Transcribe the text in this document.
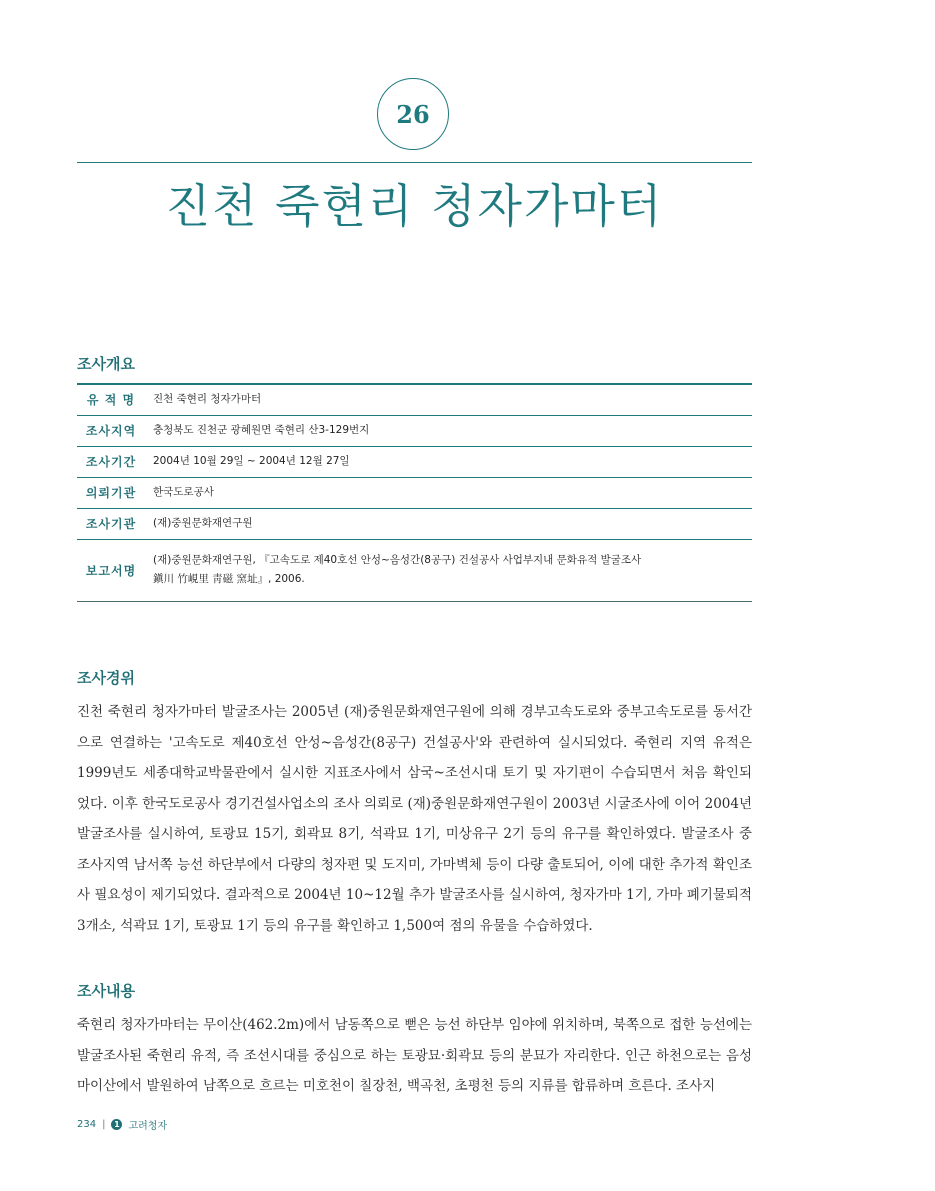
26
진천 죽현리 청자가마터
조사개요
유 적 명	진천 죽현리 청자가마터
조사지역	충청북도 진천군 광혜원면 죽현리 산3-129번지
조사기간	2004년 10월 29일 ~ 2004년 12월 27일
의뢰기관	한국도로공사
조사기관	(재)중원문화재연구원
보고서명	(재)중원문화재연구원, 『고속도로 제40호선 안성~음성간(8공구) 건설공사 사업부지내 문화유적 발굴조사
鎭川 竹峴里 靑磁 窯址』, 2006.
조사경위

진천 죽현리 청자가마터 발굴조사는 2005년 (재)중원문화재연구원에 의해 경부고속도로와 중부고속도로를 동서간으로 연결하는 '고속도로 제40호선 안성~음성간(8공구) 건설공사'와 관련하여 실시되었다. 죽현리 지역 유적은 1999년도 세종대학교박물관에서 실시한 지표조사에서 삼국~조선시대 토기 및 자기편이 수습되면서 처음 확인되었다. 이후 한국도로공사 경기건설사업소의 조사 의뢰로 (재)중원문화재연구원이 2003년 시굴조사에 이어 2004년 발굴조사를 실시하여, 토광묘 15기, 회곽묘 8기, 석곽묘 1기, 미상유구 2기 등의 유구를 확인하였다. 발굴조사 중 조사지역 남서쪽 능선 하단부에서 다량의 청자편 및 도지미, 가마벽체 등이 다량 출토되어, 이에 대한 추가적 확인조사 필요성이 제기되었다. 결과적으로 2004년 10~12월 추가 발굴조사를 실시하여, 청자가마 1기, 가마 폐기물퇴적 3개소, 석곽묘 1기, 토광묘 1기 등의 유구를 확인하고 1,500여 점의 유물을 수습하였다.

조사내용

죽현리 청자가마터는 무이산(462.2m)에서 남동쪽으로 뻗은 능선 하단부 임야에 위치하며, 북쪽으로 접한 능선에는 발굴조사된 죽현리 유적, 즉 조선시대를 중심으로 하는 토광묘·회곽묘 등의 분묘가 자리한다. 인근 하천으로는 음성 마이산에서 발원하여 남쪽으로 흐르는 미호천이 칠장천, 백곡천, 초평천 등의 지류를 합류하며 흐른다. 조사지

234 |	1 고려청자
